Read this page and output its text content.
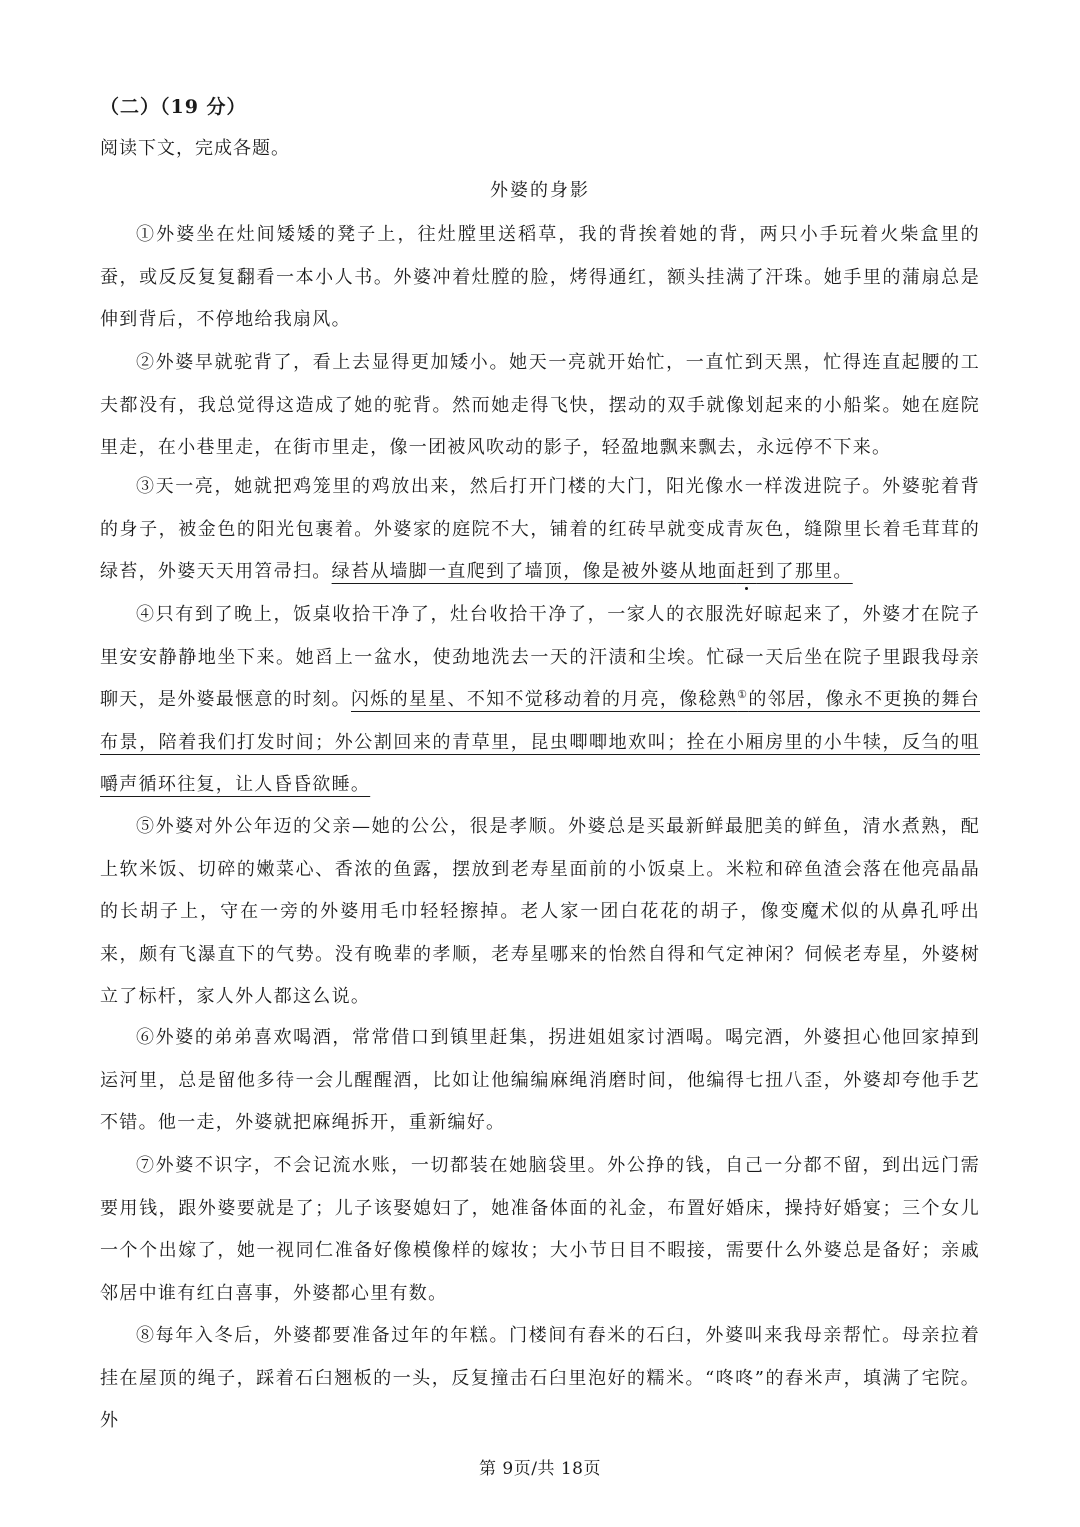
（二）（19 分）
阅读下文，完成各题。
外婆的身影

①外婆坐在灶间矮矮的凳子上，往灶膛里送稻草，我的背挨着她的背，两只小手玩着火柴盒里的蚕，或反反复复翻看一本小人书。外婆冲着灶膛的脸，烤得通红，额头挂满了汗珠。她手里的蒲扇总是伸到背后，不停地给我扇风。

②外婆早就驼背了，看上去显得更加矮小。她天一亮就开始忙，一直忙到天黑，忙得连直起腰的工夫都没有，我总觉得这造成了她的驼背。然而她走得飞快，摆动的双手就像划起来的小船桨。她在庭院里走，在小巷里走，在街市里走，像一团被风吹动的影子，轻盈地飘来飘去，永远停不下来。

③天一亮，她就把鸡笼里的鸡放出来，然后打开门楼的大门，阳光像水一样泼进院子。外婆驼着背的身子，被金色的阳光包裹着。外婆家的庭院不大，铺着的红砖早就变成青灰色，缝隙里长着毛茸茸的绿苔，外婆天天用笤帚扫。绿苔从墙脚一直爬到了墙顶，像是被外婆从地面赶到了那里。

④只有到了晚上，饭桌收拾干净了，灶台收拾干净了，一家人的衣服洗好晾起来了，外婆才在院子里安安静静地坐下来。她舀上一盆水，使劲地洗去一天的汗渍和尘埃。忙碌一天后坐在院子里跟我母亲聊天，是外婆最惬意的时刻。闪烁的星星、不知不觉移动着的月亮，像稔熟①的邻居，像永不更换的舞台布景，陪着我们打发时间；外公割回来的青草里，昆虫唧唧地欢叫；拴在小厢房里的小牛犊，反刍的咀嚼声循环往复，让人昏昏欲睡。

⑤外婆对外公年迈的父亲—她的公公，很是孝顺。外婆总是买最新鲜最肥美的鲜鱼，清水煮熟，配上软米饭、切碎的嫩菜心、香浓的鱼露，摆放到老寿星面前的小饭桌上。米粒和碎鱼渣会落在他亮晶晶的长胡子上，守在一旁的外婆用毛巾轻轻擦掉。老人家一团白花花的胡子，像变魔术似的从鼻孔呼出来，颇有飞瀑直下的气势。没有晚辈的孝顺，老寿星哪来的怡然自得和气定神闲？伺候老寿星，外婆树立了标杆，家人外人都这么说。

⑥外婆的弟弟喜欢喝酒，常常借口到镇里赶集，拐进姐姐家讨酒喝。喝完酒，外婆担心他回家掉到运河里，总是留他多待一会儿醒醒酒，比如让他编编麻绳消磨时间，他编得七扭八歪，外婆却夸他手艺不错。他一走，外婆就把麻绳拆开，重新编好。

⑦外婆不识字，不会记流水账，一切都装在她脑袋里。外公挣的钱，自己一分都不留，到出远门需要用钱，跟外婆要就是了；儿子该娶媳妇了，她准备体面的礼金，布置好婚床，操持好婚宴；三个女儿一个个出嫁了，她一视同仁准备好像模像样的嫁妆；大小节日目不暇接，需要什么外婆总是备好；亲戚邻居中谁有红白喜事，外婆都心里有数。

⑧每年入冬后，外婆都要准备过年的年糕。门楼间有舂米的石臼，外婆叫来我母亲帮忙。母亲拉着挂在屋顶的绳子，踩着石臼翘板的一头，反复撞击石臼里泡好的糯米。“咚咚”的舂米声，填满了宅院。外

第 9页/共 18页
